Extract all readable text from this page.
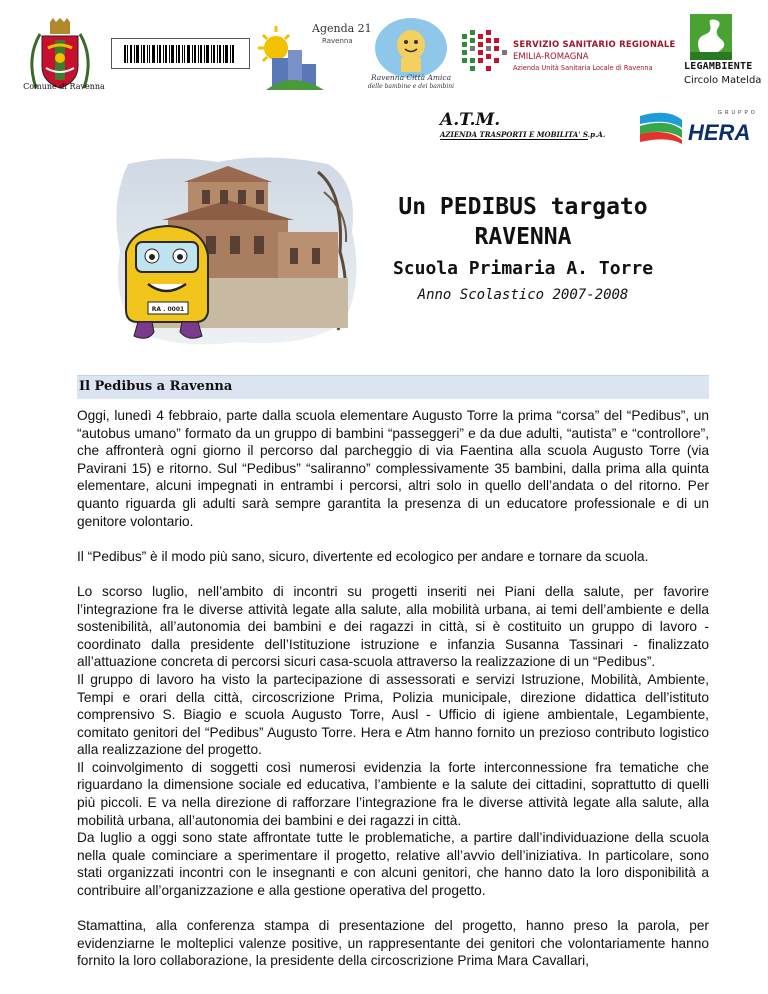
Comune di Ravenna
Agenda 21
Ravenna
Ravenna Città Amica
delle bambine e dei bambini
SERVIZIO SANITARIO REGIONALE
EMILIA-ROMAGNA
Azienda Unità Sanitaria Locale di Ravenna	LEGAMBIENTE
Circolo Matelda
A.T.M.
AZIENDA TRASPORTI E MOBILITA' S.p.A.
GRUPPO
HERA
RA . 0001
Un PEDIBUS targato
RAVENNA
Scuola Primaria A. Torre
Anno Scolastico 2007-2008
Il Pedibus a Ravenna

Oggi, lunedì 4 febbraio, parte dalla scuola elementare Augusto Torre la prima “corsa” del “Pedibus”, un “autobus umano” formato da un gruppo di bambini “passeggeri” e da due adulti, “autista” e “controllore”, che affronterà ogni giorno il percorso dal parcheggio di via Faentina alla scuola Augusto Torre (via Pavirani 15) e ritorno. Sul “Pedibus” “saliranno” complessivamente 35 bambini, dalla prima alla quinta elementare, alcuni impegnati in entrambi i percorsi, altri solo in quello dell’andata o del ritorno. Per quanto riguarda gli adulti sarà sempre garantita la presenza di un educatore professionale e di un genitore volontario.

Il “Pedibus” è il modo più sano, sicuro, divertente ed ecologico per andare e tornare da scuola.

Lo scorso luglio, nell’ambito di incontri su progetti inseriti nei Piani della salute, per favorire l’integrazione fra le diverse attività legate alla salute, alla mobilità urbana, ai temi dell’ambiente e della sostenibilità, all’autonomia dei bambini e dei ragazzi in città, si è costituito un gruppo di lavoro - coordinato dalla presidente dell’Istituzione istruzione e infanzia Susanna Tassinari - finalizzato all’attuazione concreta di percorsi sicuri casa-scuola attraverso la realizzazione di un “Pedibus”.

Il gruppo di lavoro ha visto la partecipazione di assessorati e servizi Istruzione, Mobilità, Ambiente, Tempi e orari della città, circoscrizione Prima, Polizia municipale, direzione didattica dell’istituto comprensivo S. Biagio e scuola Augusto Torre, Ausl - Ufficio di igiene ambientale, Legambiente, comitato genitori del “Pedibus” Augusto Torre. Hera e Atm hanno fornito un prezioso contributo logistico alla realizzazione del progetto.

Il coinvolgimento di soggetti così numerosi evidenzia la forte interconnessione fra tematiche che riguardano la dimensione sociale ed educativa, l’ambiente e la salute dei cittadini, soprattutto di quelli più piccoli. E va nella direzione di rafforzare l’integrazione fra le diverse attività legate alla salute, alla mobilità urbana, all’autonomia dei bambini e dei ragazzi in città.

Da luglio a oggi sono state affrontate tutte le problematiche, a partire dall’individuazione della scuola nella quale cominciare a sperimentare il progetto, relative all’avvio dell’iniziativa. In particolare, sono stati organizzati incontri con le insegnanti e con alcuni genitori, che hanno dato la loro disponibilità a contribuire all’organizzazione e alla gestione operativa del progetto.

Stamattina, alla conferenza stampa di presentazione del progetto, hanno preso la parola, per evidenziarne le molteplici valenze positive, un rappresentante dei genitori che volontariamente hanno fornito la loro collaborazione, la presidente della circoscrizione Prima Mara Cavallari,
